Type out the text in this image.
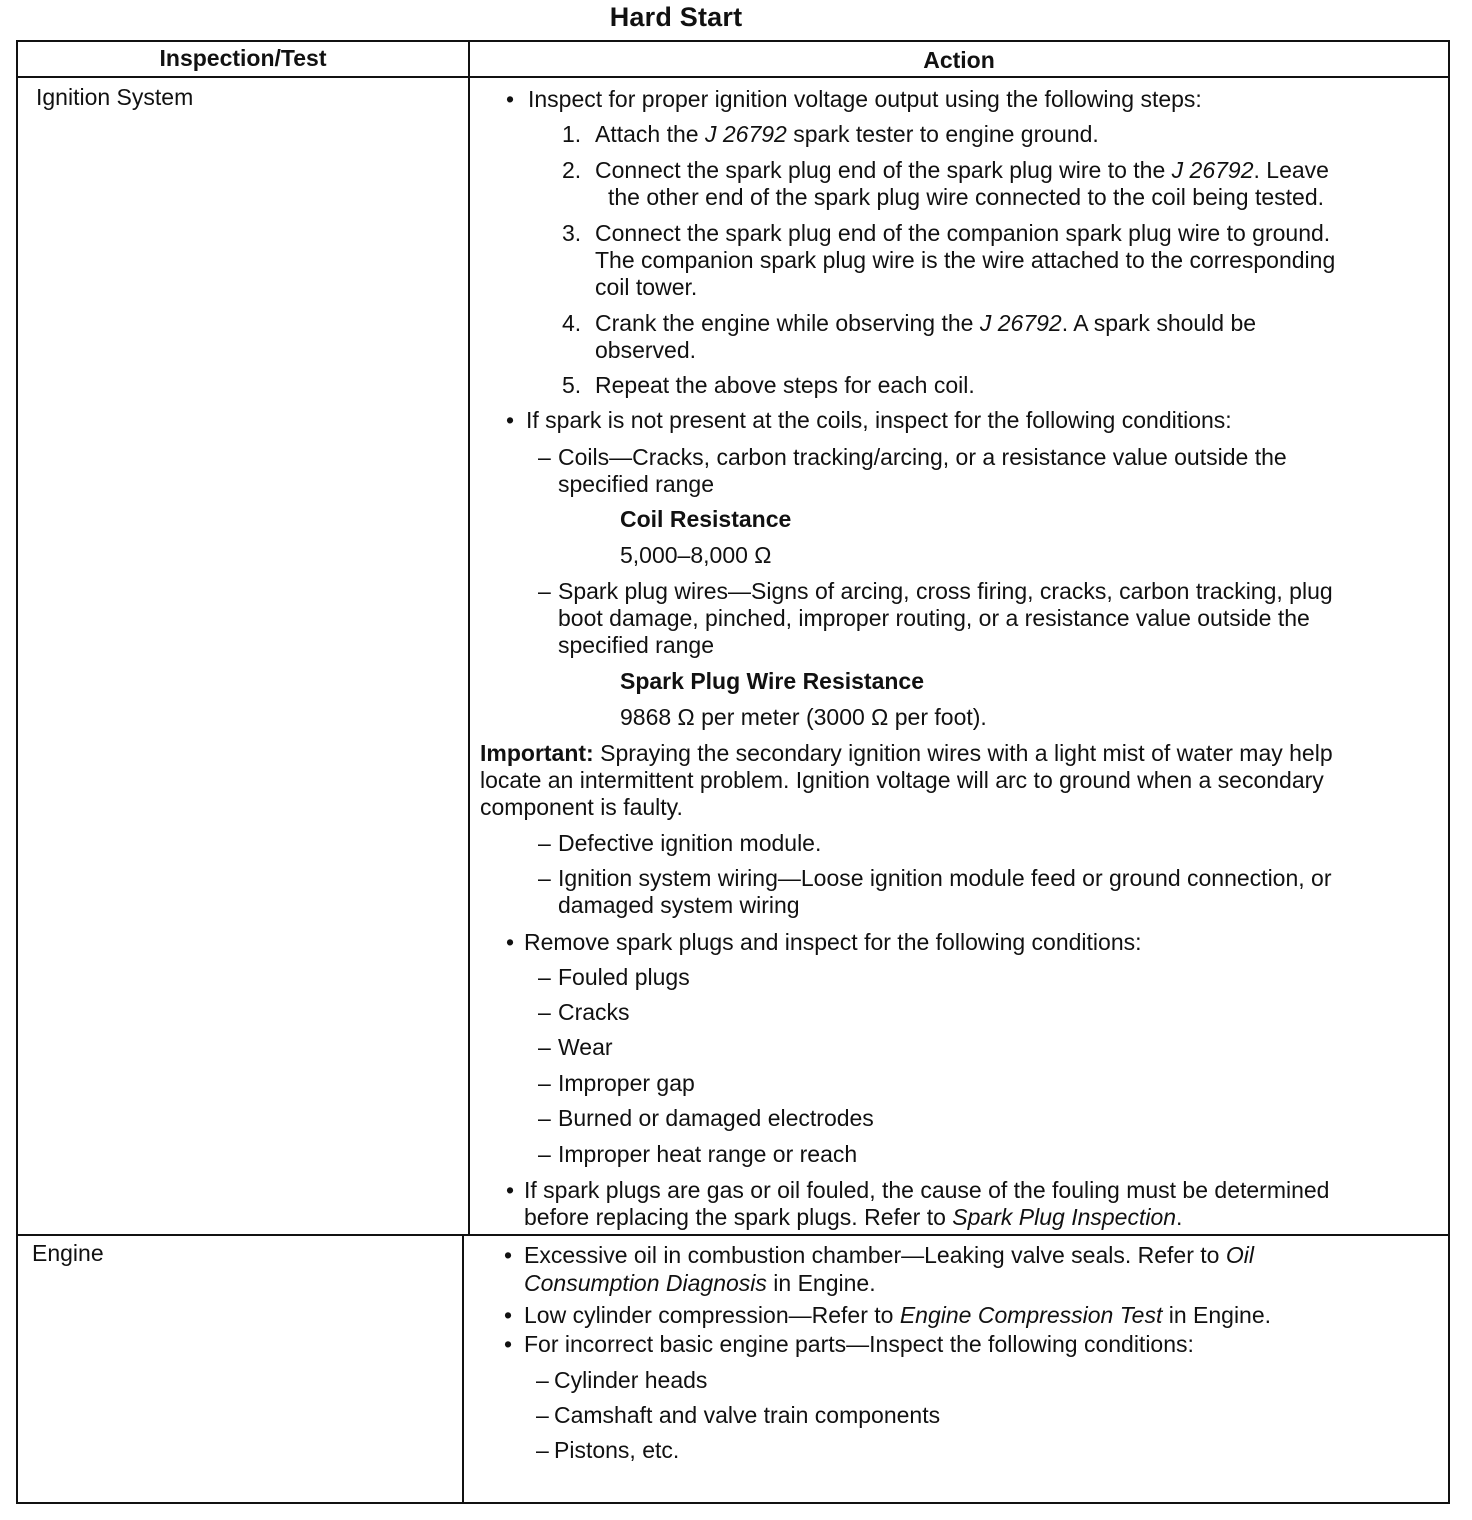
Hard Start
Inspection/Test	Action
Ignition System	• Inspect for proper ignition voltage output using the following steps:
1. Attach the J 26792 spark tester to engine ground.
2. Connect the spark plug end of the spark plug wire to the J 26792. Leave
the other end of the spark plug wire connected to the coil being tested.
3. Connect the spark plug end of the companion spark plug wire to ground.
The companion spark plug wire is the wire attached to the corresponding
coil tower.
4. Crank the engine while observing the J 26792. A spark should be
observed.
5. Repeat the above steps for each coil.
• If spark is not present at the coils, inspect for the following conditions:
– Coils—Cracks, carbon tracking/arcing, or a resistance value outside the
specified range
Coil Resistance
5,000–8,000 Ω
– Spark plug wires—Signs of arcing, cross firing, cracks, carbon tracking, plug
boot damage, pinched, improper routing, or a resistance value outside the
specified range
Spark Plug Wire Resistance
9868 Ω per meter (3000 Ω per foot).
Important: Spraying the secondary ignition wires with a light mist of water may help
locate an intermittent problem. Ignition voltage will arc to ground when a secondary
component is faulty.
– Defective ignition module.
– Ignition system wiring—Loose ignition module feed or ground connection, or
damaged system wiring
• Remove spark plugs and inspect for the following conditions:
– Fouled plugs
– Cracks
– Wear
– Improper gap
– Burned or damaged electrodes
– Improper heat range or reach
• If spark plugs are gas or oil fouled, the cause of the fouling must be determined
before replacing the spark plugs. Refer to Spark Plug Inspection.
Engine	• Excessive oil in combustion chamber—Leaking valve seals. Refer to Oil
Consumption Diagnosis in Engine.
• Low cylinder compression—Refer to Engine Compression Test in Engine.
• For incorrect basic engine parts—Inspect the following conditions:
– Cylinder heads
– Camshaft and valve train components
– Pistons, etc.
